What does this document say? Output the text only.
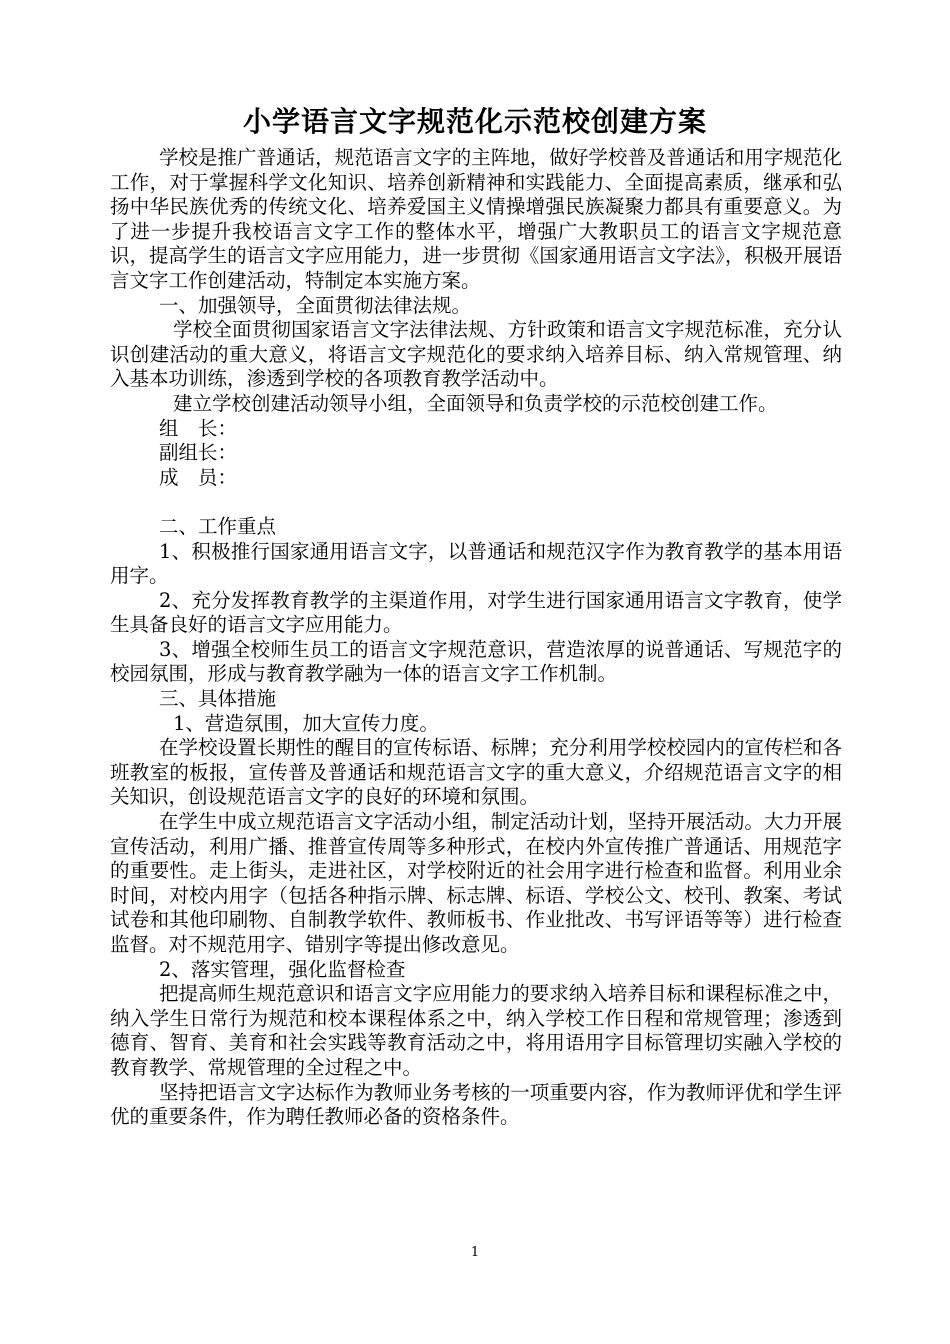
小学语言文字规范化示范校创建方案

学校是推广普通话，规范语言文字的主阵地，做好学校普及普通话和用字规范化工作，对于掌握科学文化知识、培养创新精神和实践能力、全面提高素质，继承和弘扬中华民族优秀的传统文化、培养爱国主义情操增强民族凝聚力都具有重要意义。为了进一步提升我校语言文字工作的整体水平，增强广大教职员工的语言文字规范意识，提高学生的语言文字应用能力，进一步贯彻《国家通用语言文字法》，积极开展语言文字工作创建活动，特制定本实施方案。

一、加强领导，全面贯彻法律法规。

学校全面贯彻国家语言文字法律法规、方针政策和语言文字规范标准，充分认识创建活动的重大意义，将语言文字规范化的要求纳入培养目标、纳入常规管理、纳入基本功训练，渗透到学校的各项教育教学活动中。

建立学校创建活动领导小组，全面领导和负责学校的示范校创建工作。

组　长：

副组长：

成　员：

二、工作重点

1、积极推行国家通用语言文字，以普通话和规范汉字作为教育教学的基本用语用字。

2、充分发挥教育教学的主渠道作用，对学生进行国家通用语言文字教育，使学生具备良好的语言文字应用能力。

3、增强全校师生员工的语言文字规范意识，营造浓厚的说普通话、写规范字的校园氛围，形成与教育教学融为一体的语言文字工作机制。

三、具体措施

1、营造氛围，加大宣传力度。

在学校设置长期性的醒目的宣传标语、标牌；充分利用学校校园内的宣传栏和各班教室的板报，宣传普及普通话和规范语言文字的重大意义，介绍规范语言文字的相关知识，创设规范语言文字的良好的环境和氛围。

在学生中成立规范语言文字活动小组，制定活动计划，坚持开展活动。大力开展宣传活动，利用广播、推普宣传周等多种形式，在校内外宣传推广普通话、用规范字的重要性。走上街头，走进社区，对学校附近的社会用字进行检查和监督。利用业余时间，对校内用字（包括各种指示牌、标志牌、标语、学校公文、校刊、教案、考试试卷和其他印刷物、自制教学软件、教师板书、作业批改、书写评语等等）进行检查监督。对不规范用字、错别字等提出修改意见。

2、落实管理，强化监督检查

把提高师生规范意识和语言文字应用能力的要求纳入培养目标和课程标准之中，纳入学生日常行为规范和校本课程体系之中，纳入学校工作日程和常规管理；渗透到德育、智育、美育和社会实践等教育活动之中，将用语用字目标管理切实融入学校的教育教学、常规管理的全过程之中。

坚持把语言文字达标作为教师业务考核的一项重要内容，作为教师评优和学生评优的重要条件，作为聘任教师必备的资格条件。

1
